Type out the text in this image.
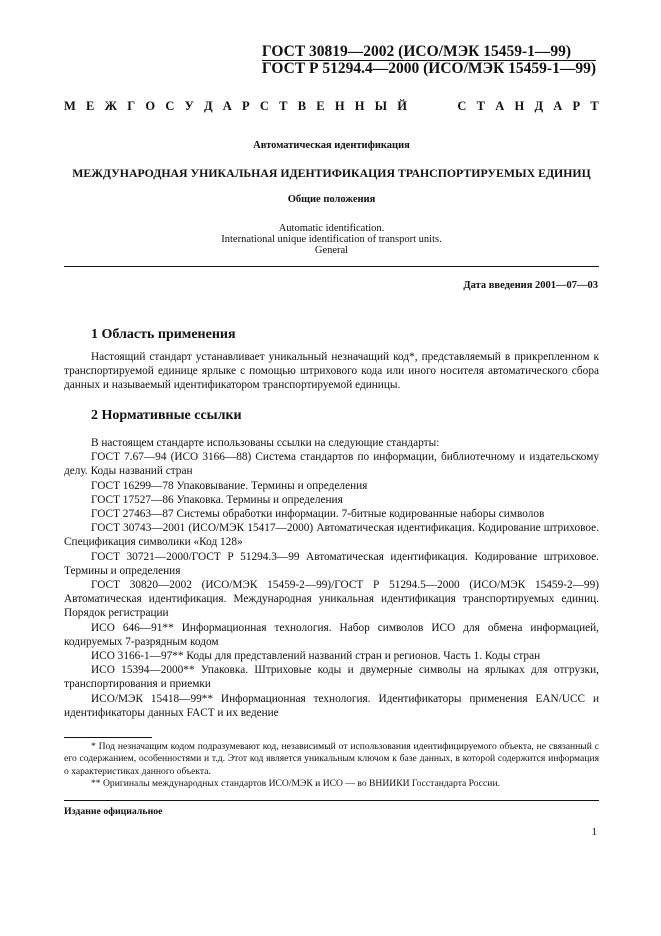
ГОСТ 30819—2002 (ИСО/МЭК 15459-1—99)
ГОСТ Р 51294.4—2000 (ИСО/МЭК 15459-1—99)
М Е Ж Г О С У Д А Р С Т В Е Н Н Ы Й	С Т А Н Д А Р Т
Автоматическая идентификация
МЕЖДУНАРОДНАЯ УНИКАЛЬНАЯ ИДЕНТИФИКАЦИЯ ТРАНСПОРТИРУЕМЫХ ЕДИНИЦ
Общие положения
Automatic identification.
International unique identification of transport units.
General
Дата введения 2001—07—03
1 Область применения

Настоящий стандарт устанавливает уникальный незначащий код*, представляемый в прикрепленном к транспортируемой единице ярлыке с помощью штрихового кода или иного носителя автоматического сбора данных и называемый идентификатором транспортируемой единицы.

2 Нормативные ссылки

В настоящем стандарте использованы ссылки на следующие стандарты:

ГОСТ 7.67—94 (ИСО 3166—88) Система стандартов по информации, библиотечному и издательскому делу. Коды названий стран

ГОСТ 16299—78 Упаковывание. Термины и определения

ГОСТ 17527—86 Упаковка. Термины и определения

ГОСТ 27463—87 Системы обработки информации. 7-битные кодированные наборы символов

ГОСТ 30743—2001 (ИСО/МЭК 15417—2000) Автоматическая идентификация. Кодирование штриховое. Спецификация символики «Код 128»

ГОСТ 30721—2000/ГОСТ Р 51294.3—99 Автоматическая идентификация. Кодирование штриховое. Термины и определения

ГОСТ 30820—2002 (ИСО/МЭК 15459-2—99)/ГОСТ Р 51294.5—2000 (ИСО/МЭК 15459-2—99) Автоматическая идентификация. Международная уникальная идентификация транспортируемых единиц. Порядок регистрации

ИСО 646—91** Информационная технология. Набор символов ИСО для обмена информацией, кодируемых 7-разрядным кодом

ИСО 3166-1—97** Коды для представлений названий стран и регионов. Часть 1. Коды стран

ИСО 15394—2000** Упаковка. Штриховые коды и двумерные символы на ярлыках для отгрузки, транспортирования и приемки

ИСО/МЭК 15418—99** Информационная технология. Идентификаторы применения EAN/UCC и идентификаторы данных FACT и их ведение

* Под незначащим кодом подразумевают код, независимый от использования идентифицируемого объекта, не связанный с его содержанием, особенностями и т.д. Этот код является уникальным ключом к базе данных, в которой содержится информация о характеристиках данного объекта.

** Оригиналы международных стандартов ИСО/МЭК и ИСО — во ВНИИКИ Госстандарта России.

Издание официальное
1
